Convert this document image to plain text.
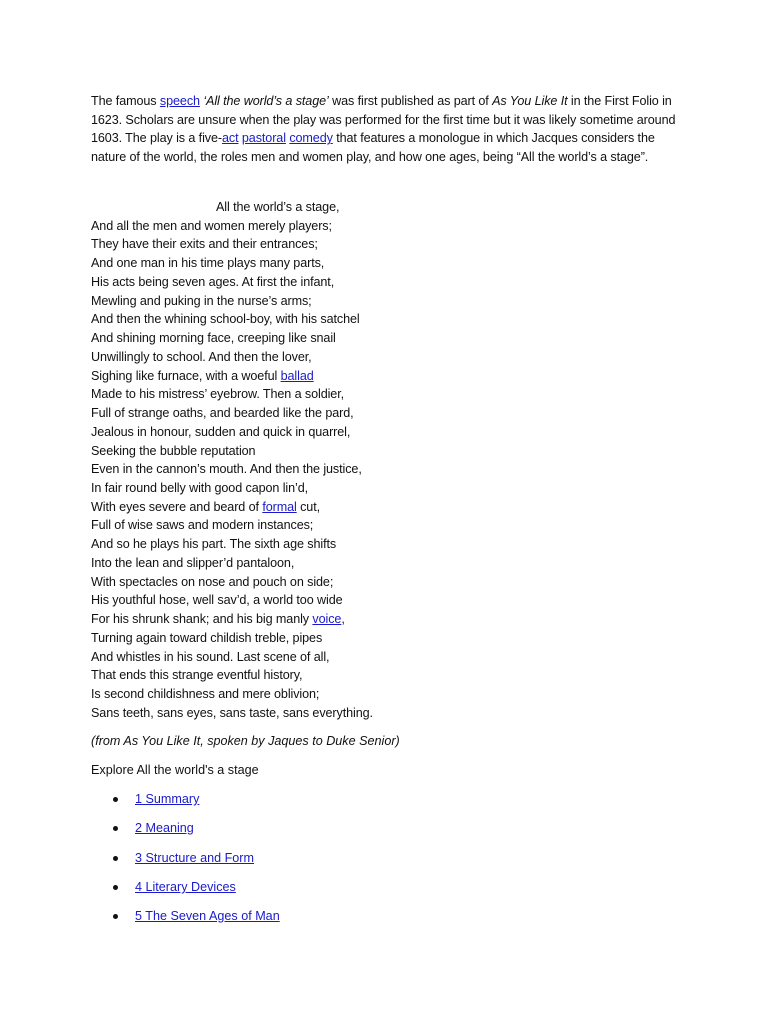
The famous speech ‘All the world’s a stage’ was first published as part of As You Like It in the First Folio in 1623. Scholars are unsure when the play was performed for the first time but it was likely sometime around 1603. The play is a five-act pastoral comedy that features a monologue in which Jacques considers the nature of the world, the roles men and women play, and how one ages, being “All the world’s a stage”.

All the world’s a stage,
And all the men and women merely players;
They have their exits and their entrances;
And one man in his time plays many parts,
His acts being seven ages. At first the infant,
Mewling and puking in the nurse’s arms;
And then the whining school-boy, with his satchel
And shining morning face, creeping like snail
Unwillingly to school. And then the lover,
Sighing like furnace, with a woeful ballad
Made to his mistress’ eyebrow. Then a soldier,
Full of strange oaths, and bearded like the pard,
Jealous in honour, sudden and quick in quarrel,
Seeking the bubble reputation
Even in the cannon’s mouth. And then the justice,
In fair round belly with good capon lin’d,
With eyes severe and beard of formal cut,
Full of wise saws and modern instances;
And so he plays his part. The sixth age shifts
Into the lean and slipper’d pantaloon,
With spectacles on nose and pouch on side;
His youthful hose, well sav’d, a world too wide
For his shrunk shank; and his big manly voice,
Turning again toward childish treble, pipes
And whistles in his sound. Last scene of all,
That ends this strange eventful history,
Is second childishness and mere oblivion;
Sans teeth, sans eyes, sans taste, sans everything.
(from As You Like It, spoken by Jaques to Duke Senior)
Explore All the world's a stage
1 Summary
2 Meaning
3 Structure and Form
4 Literary Devices
5 The Seven Ages of Man
